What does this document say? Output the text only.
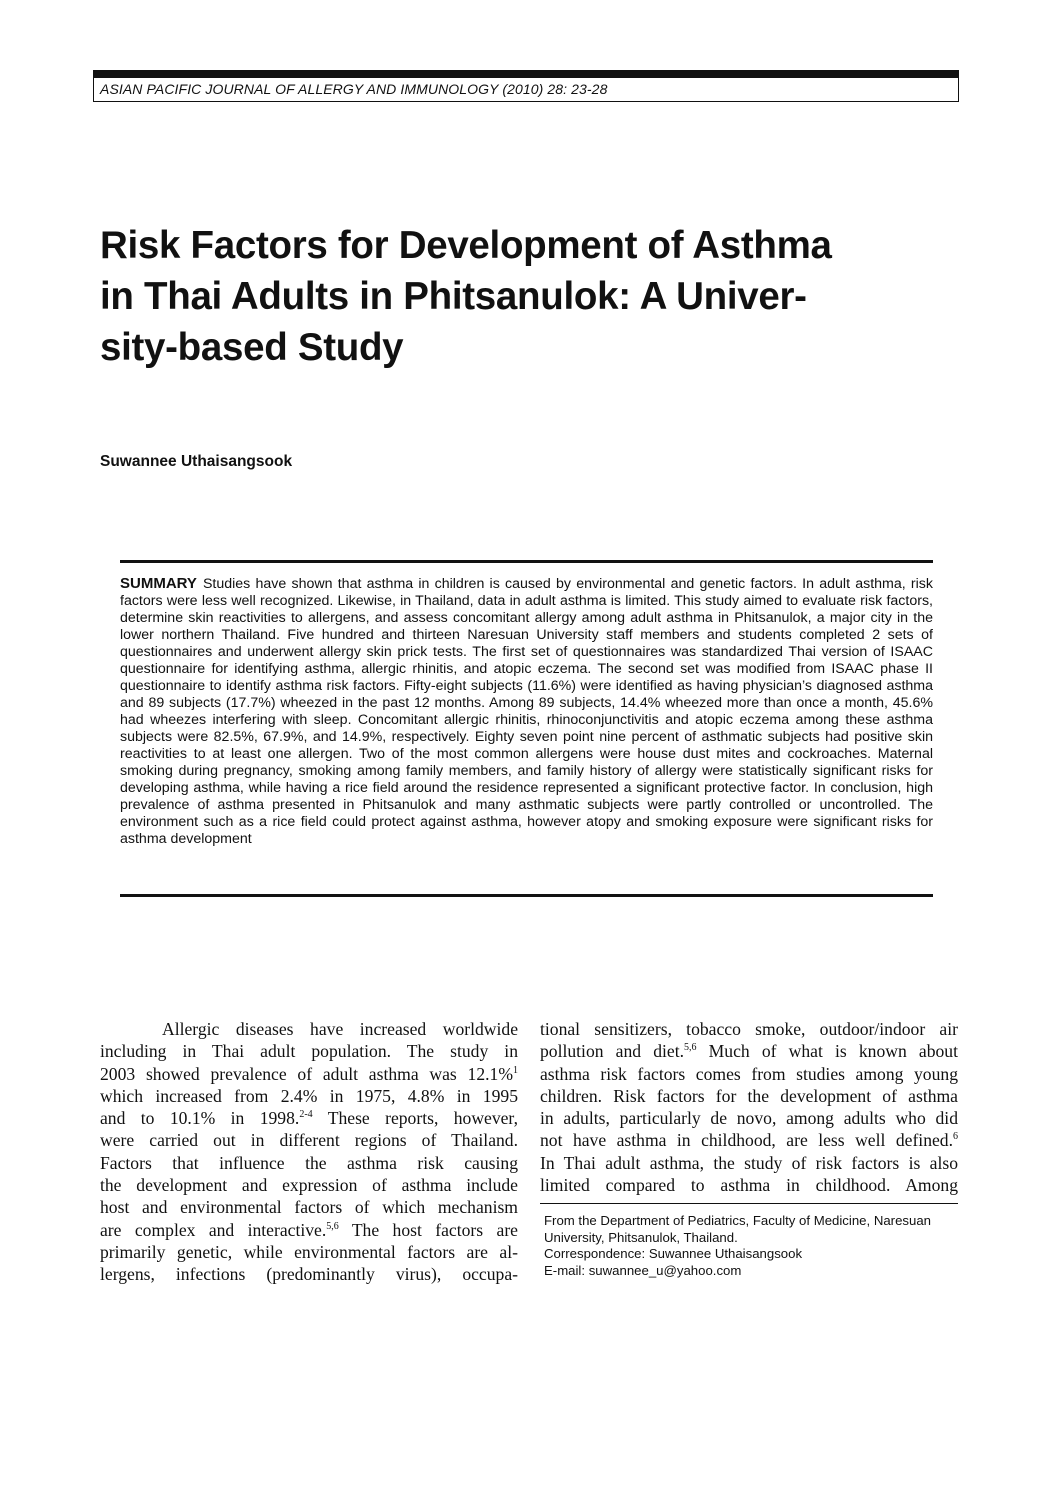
ASIAN PACIFIC JOURNAL OF ALLERGY AND IMMUNOLOGY (2010) 28: 23-28
Risk Factors for Development of Asthma
in Thai Adults in Phitsanulok: A Univer-
sity-based Study
Suwannee Uthaisangsook

SUMMARY Studies have shown that asthma in children is caused by environmental and genetic factors. In adult asthma, risk factors were less well recognized. Likewise, in Thailand, data in adult asthma is limited. This study aimed to evaluate risk factors, determine skin reactivities to allergens, and assess concomitant allergy among adult asthma in Phitsanulok, a major city in the lower northern Thailand. Five hundred and thirteen Naresuan University staff members and students completed 2 sets of questionnaires and underwent allergy skin prick tests. The first set of questionnaires was standardized Thai version of ISAAC questionnaire for identifying asthma, allergic rhinitis, and atopic eczema. The second set was modified from ISAAC phase II questionnaire to identify asthma risk factors. Fifty-eight subjects (11.6%) were identified as having physician’s diagnosed asthma and 89 subjects (17.7%) wheezed in the past 12 months. Among 89 subjects, 14.4% wheezed more than once a month, 45.6% had wheezes interfering with sleep. Concomitant allergic rhinitis, rhinoconjunctivitis and atopic eczema among these asthma subjects were 82.5%, 67.9%, and 14.9%, respectively. Eighty seven point nine percent of asthmatic subjects had positive skin reactivities to at least one allergen. Two of the most common allergens were house dust mites and cockroaches. Maternal smoking during pregnancy, smoking among family members, and family history of allergy were statistically significant risks for developing asthma, while having a rice field around the residence represented a significant protective factor. In conclusion, high prevalence of asthma presented in Phitsanulok and many asthmatic subjects were partly controlled or uncontrolled. The environment such as a rice field could protect against asthma, however atopy and smoking exposure were significant risks for asthma development

Allergic diseases have increased worldwide
including in Thai adult population. The study in
2003 showed prevalence of adult asthma was 12.1%$^1$
which increased from 2.4% in 1975, 4.8% in 1995
and to 10.1% in 1998.$^{2-4}$ These reports, however,
were carried out in different regions of Thailand.
Factors that influence the asthma risk causing
the development and expression of asthma include
host and environmental factors of which mechanism
are complex and interactive.$^{5,6}$ The host factors are
primarily genetic, while environmental factors are al-
lergens, infections (predominantly virus), occupa-
tional sensitizers, tobacco smoke, outdoor/indoor air
pollution and diet.$^{5,6}$ Much of what is known about
asthma risk factors comes from studies among young
children. Risk factors for the development of asthma
in adults, particularly de novo, among adults who did
not have asthma in childhood, are less well defined.$^6$
In Thai adult asthma, the study of risk factors is also
limited compared to asthma in childhood. Among
From the Department of Pediatrics, Faculty of Medicine, Naresuan
University, Phitsanulok, Thailand.
Correspondence: Suwannee Uthaisangsook
E-mail: suwannee_u@yahoo.com
